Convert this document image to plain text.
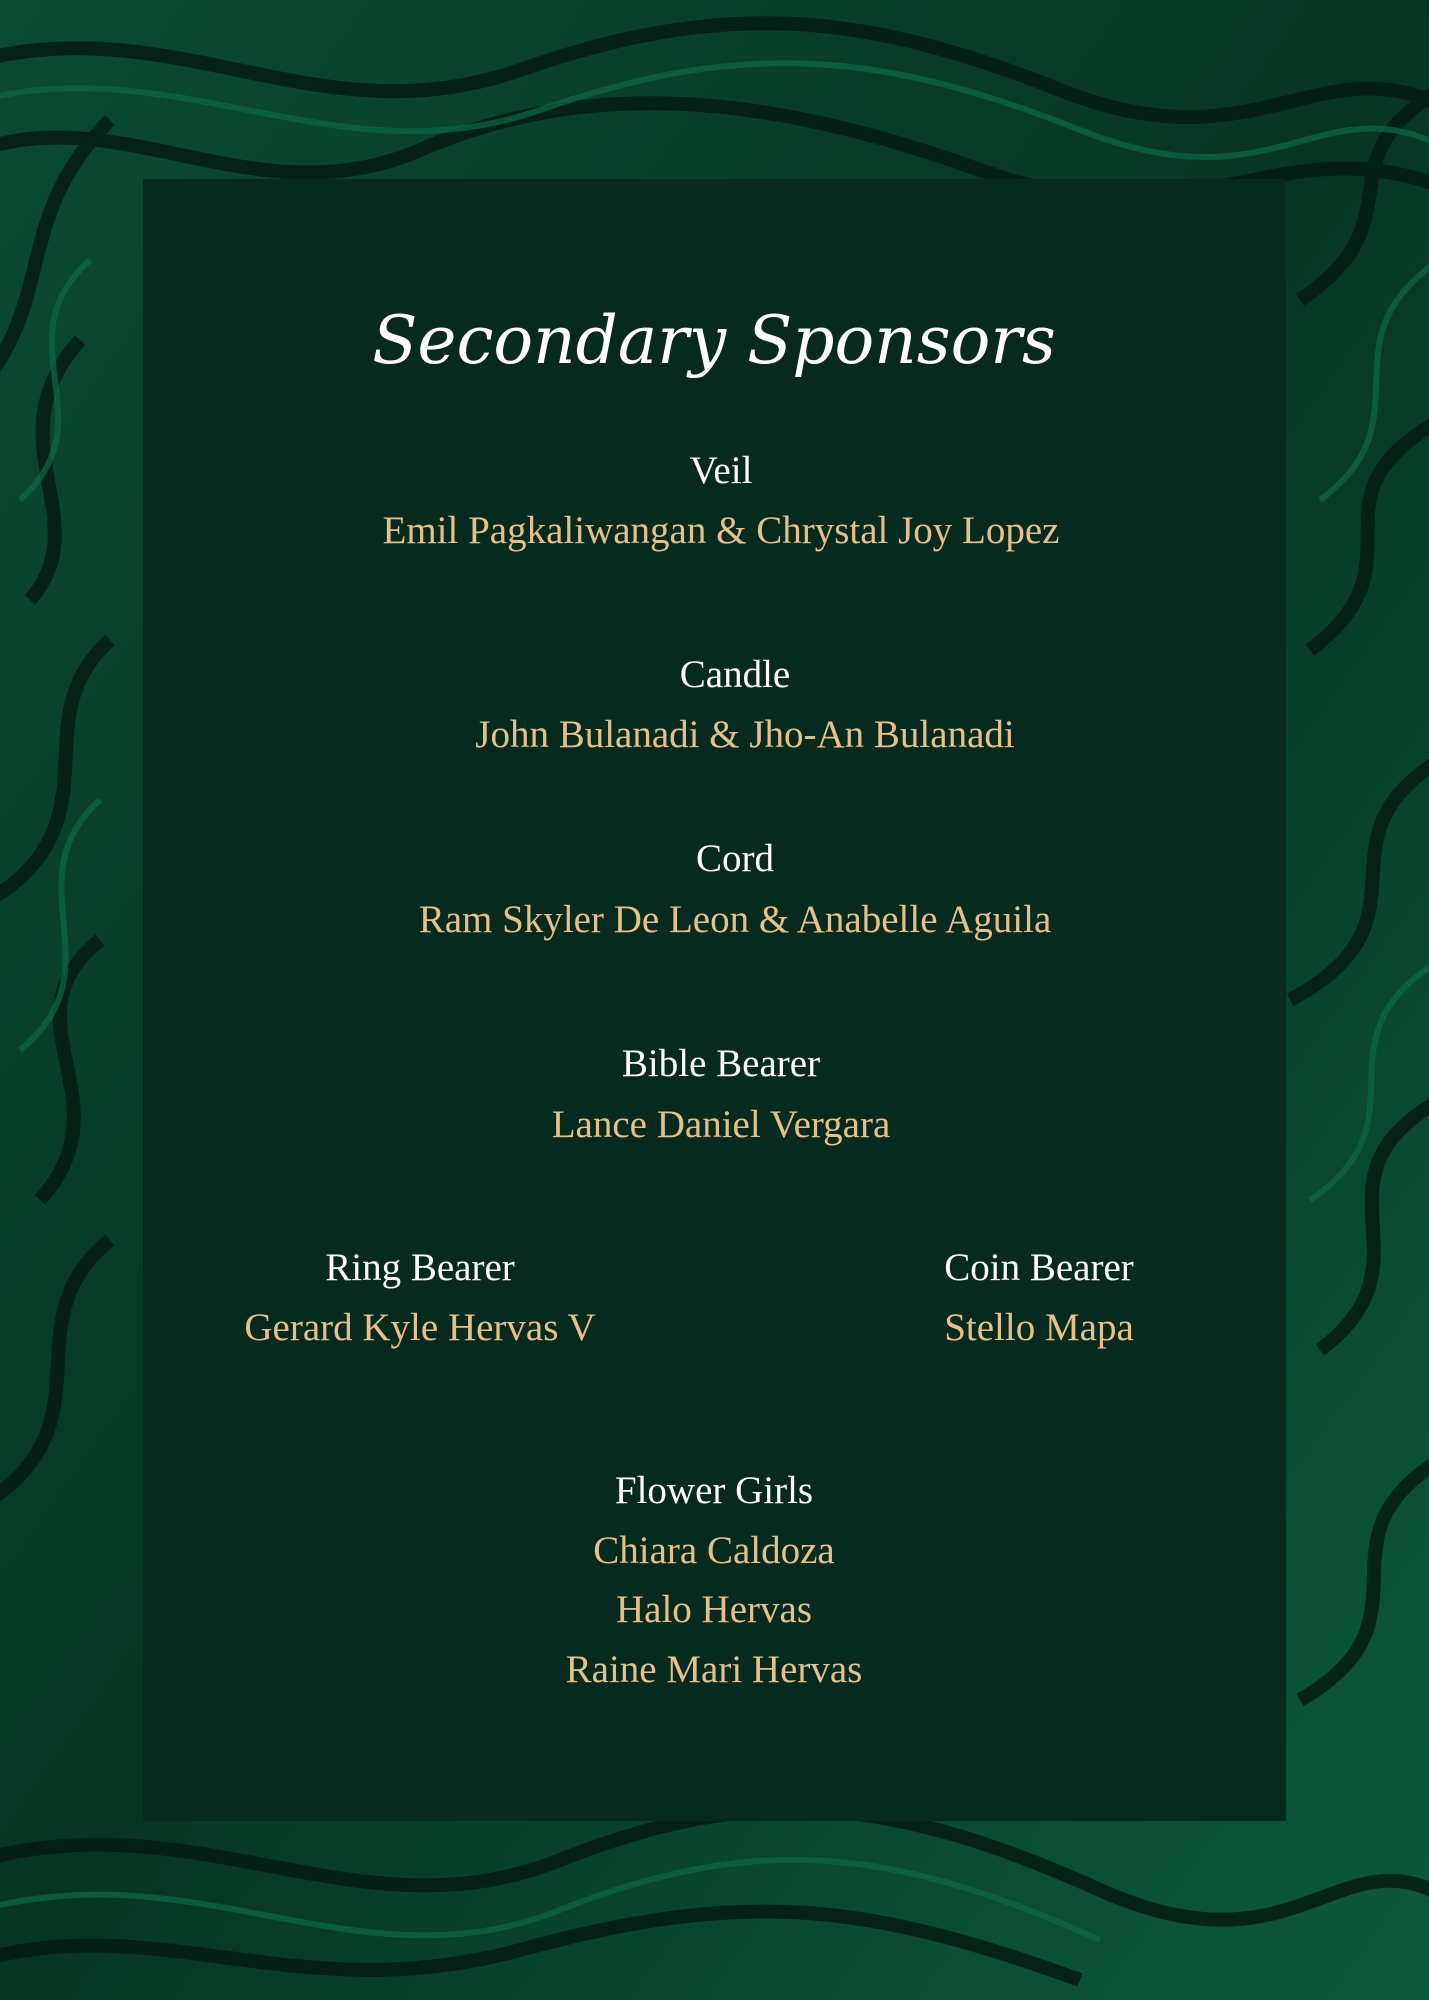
Secondary Sponsors
Veil
Emil Pagkaliwangan & Chrystal Joy Lopez
Candle
John Bulanadi & Jho-An Bulanadi
Cord
Ram Skyler De Leon & Anabelle Aguila
Bible Bearer
Lance Daniel Vergara
Ring Bearer
Gerard Kyle Hervas V
Coin Bearer
Stello Mapa
Flower Girls
Chiara Caldoza
Halo Hervas
Raine Mari Hervas
